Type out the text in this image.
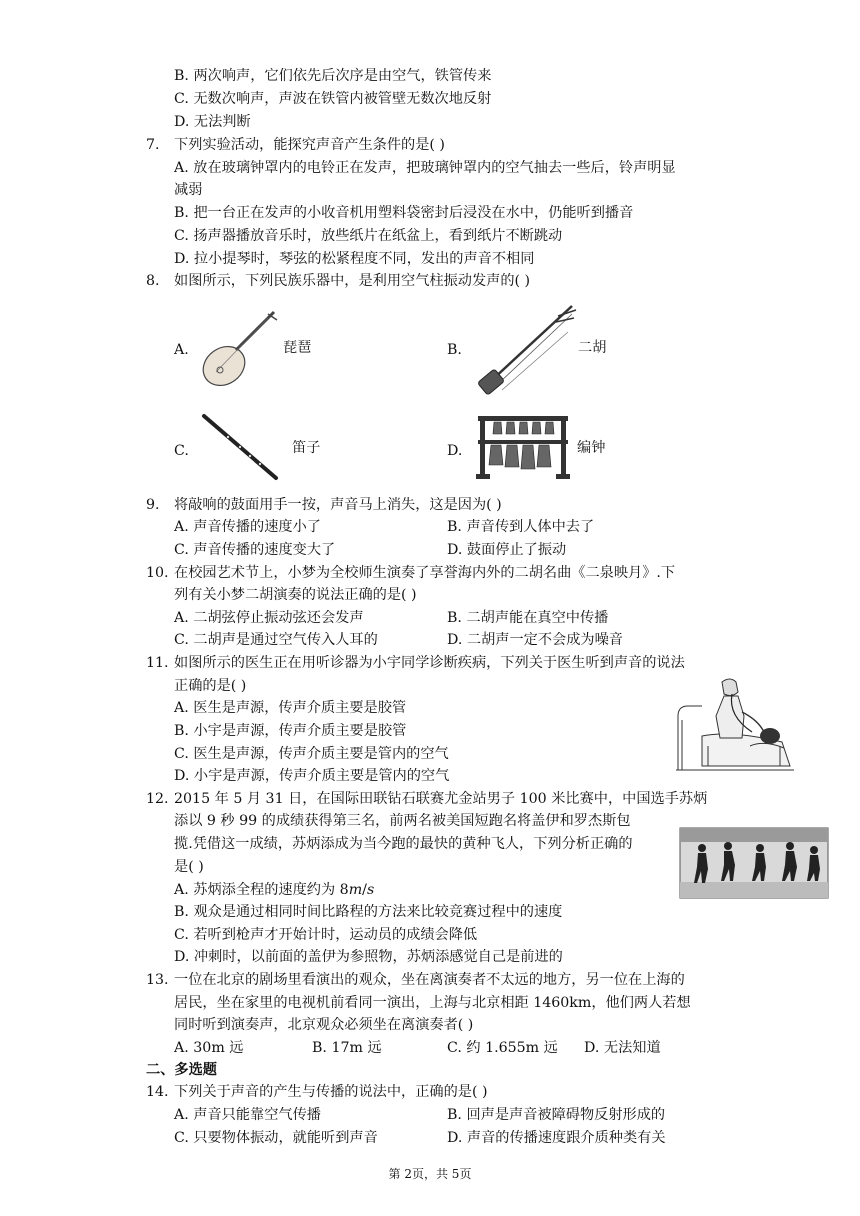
B. 两次响声，它们依先后次序是由空气，铁管传来
C. 无数次响声，声波在铁管内被管壁无数次地反射
D. 无法判断
7. 下列实验活动，能探究声音产生条件的是( )
A. 放在玻璃钟罩内的电铃正在发声，把玻璃钟罩内的空气抽去一些后，铃声明显
减弱
B. 把一台正在发声的小收音机用塑料袋密封后浸没在水中，仍能听到播音
C. 扬声器播放音乐时，放些纸片在纸盆上，看到纸片不断跳动
D. 拉小提琴时，琴弦的松紧程度不同，发出的声音不相同
8. 如图所示，下列民族乐器中，是利用空气柱振动发声的( )
A.	琵琶	B.	二胡
C.	笛子	D.	编钟
9. 将敲响的鼓面用手一按，声音马上消失，这是因为( )
A. 声音传播的速度小了	B. 声音传到人体中去了
C. 声音传播的速度变大了	D. 鼓面停止了振动
10. 在校园艺术节上，小梦为全校师生演奏了享誉海内外的二胡名曲《二泉映月》.下
列有关小梦二胡演奏的说法正确的是( )
A. 二胡弦停止振动弦还会发声	B. 二胡声能在真空中传播
C. 二胡声是通过空气传入人耳的	D. 二胡声一定不会成为噪音
11. 如图所示的医生正在用听诊器为小宇同学诊断疾病，下列关于医生听到声音的说法
正确的是( )
A. 医生是声源，传声介质主要是胶管
B. 小宇是声源，传声介质主要是胶管
C. 医生是声源，传声介质主要是管内的空气
D. 小宇是声源，传声介质主要是管内的空气
12. 2015 年 5 月 31 日，在国际田联钻石联赛尤金站男子 100 米比赛中，中国选手苏炳
添以 9 秒 99 的成绩获得第三名，前两名被美国短跑名将盖伊和罗杰斯包
揽.凭借这一成绩，苏炳添成为当今跑的最快的黄种飞人，下列分析正确的
是( )
A. 苏炳添全程的速度约为 8m/s
B. 观众是通过相同时间比路程的方法来比较竞赛过程中的速度
C. 若听到枪声才开始计时，运动员的成绩会降低
D. 冲刺时，以前面的盖伊为参照物，苏炳添感觉自己是前进的
13. 一位在北京的剧场里看演出的观众，坐在离演奏者不太远的地方，另一位在上海的
居民，坐在家里的电视机前看同一演出，上海与北京相距 1460km，他们两人若想
同时听到演奏声，北京观众必须坐在离演奏者( )
A. 30m 远	B. 17m 远	C. 约 1.655m 远 D. 无法知道
二、多选题
14. 下列关于声音的产生与传播的说法中，正确的是( )
A. 声音只能靠空气传播	B. 回声是声音被障碍物反射形成的
C. 只要物体振动，就能听到声音	D. 声音的传播速度跟介质种类有关
第 2页，共 5页
